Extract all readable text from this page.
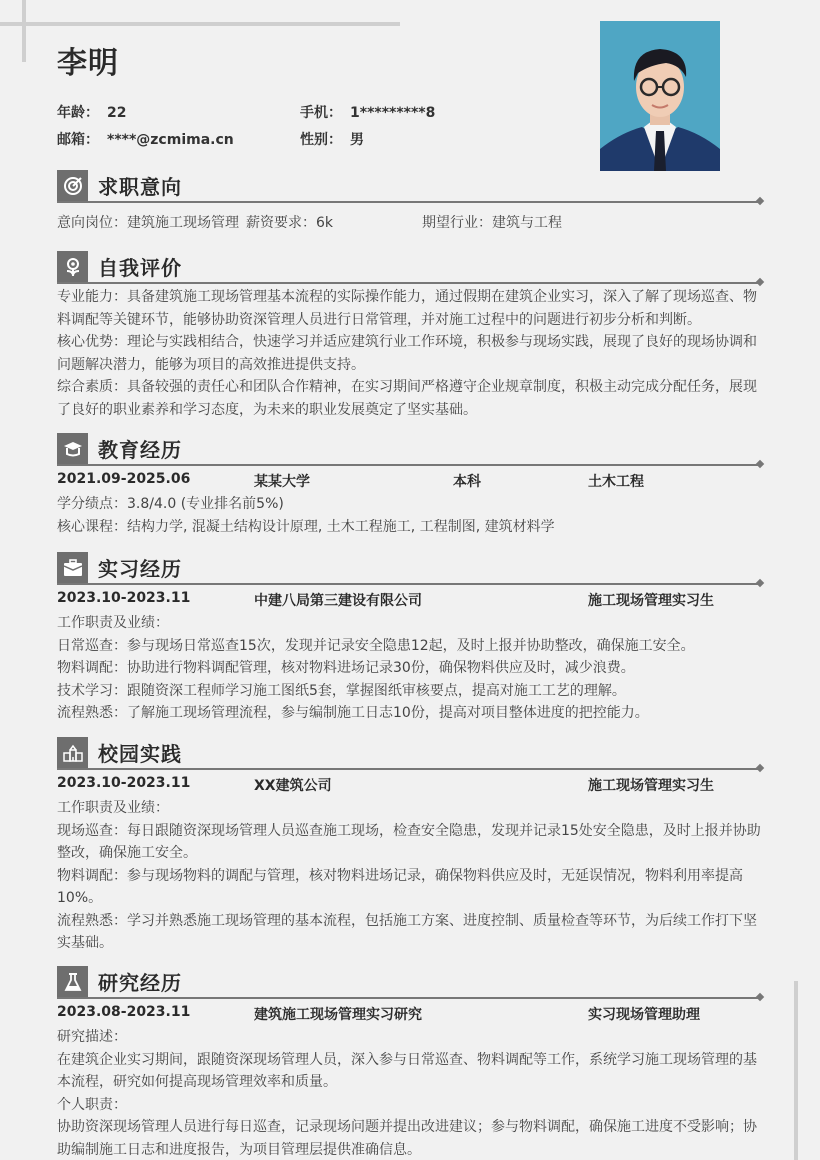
李明
年龄： 22	手机： 1*********8
邮箱： ****@zcmima.cn	性别： 男
求职意向
意向岗位：建筑施工现场管理 薪资要求：6k	期望行业：建筑与工程
自我评价

专业能力：具备建筑施工现场管理基本流程的实际操作能力，通过假期在建筑企业实习，深入了解了现场巡查、物料调配等关键环节，能够协助资深管理人员进行日常管理，并对施工过程中的问题进行初步分析和判断。

核心优势：理论与实践相结合，快速学习并适应建筑行业工作环境，积极参与现场实践，展现了良好的现场协调和问题解决潜力，能够为项目的高效推进提供支持。

综合素质：具备较强的责任心和团队合作精神，在实习期间严格遵守企业规章制度，积极主动完成分配任务，展现了良好的职业素养和学习态度，为未来的职业发展奠定了坚实基础。

教育经历
2021.09-2025.06	某某大学	本科	土木工程

学分绩点：3.8/4.0 (专业排名前5%)

核心课程：结构力学, 混凝土结构设计原理, 土木工程施工, 工程制图, 建筑材料学

实习经历
2023.10-2023.11	中建八局第三建设有限公司	施工现场管理实习生

工作职责及业绩：

日常巡查：参与现场日常巡查15次，发现并记录安全隐患12起，及时上报并协助整改，确保施工安全。

物料调配：协助进行物料调配管理，核对物料进场记录30份，确保物料供应及时，减少浪费。

技术学习：跟随资深工程师学习施工图纸5套，掌握图纸审核要点，提高对施工工艺的理解。

流程熟悉：了解施工现场管理流程，参与编制施工日志10份，提高对项目整体进度的把控能力。

校园实践
2023.10-2023.11	XX建筑公司	施工现场管理实习生

工作职责及业绩：

现场巡查：每日跟随资深现场管理人员巡查施工现场，检查安全隐患，发现并记录15处安全隐患，及时上报并协助整改，确保施工安全。

物料调配：参与现场物料的调配与管理，核对物料进场记录，确保物料供应及时，无延误情况，物料利用率提高10%。

流程熟悉：学习并熟悉施工现场管理的基本流程，包括施工方案、进度控制、质量检查等环节，为后续工作打下坚实基础。

研究经历
2023.08-2023.11	建筑施工现场管理实习研究	实习现场管理助理

研究描述：

在建筑企业实习期间，跟随资深现场管理人员，深入参与日常巡查、物料调配等工作，系统学习施工现场管理的基本流程，研究如何提高现场管理效率和质量。

个人职责：

协助资深现场管理人员进行每日巡查，记录现场问题并提出改进建议；参与物料调配，确保施工进度不受影响；协助编制施工日志和进度报告，为项目管理层提供准确信息。
